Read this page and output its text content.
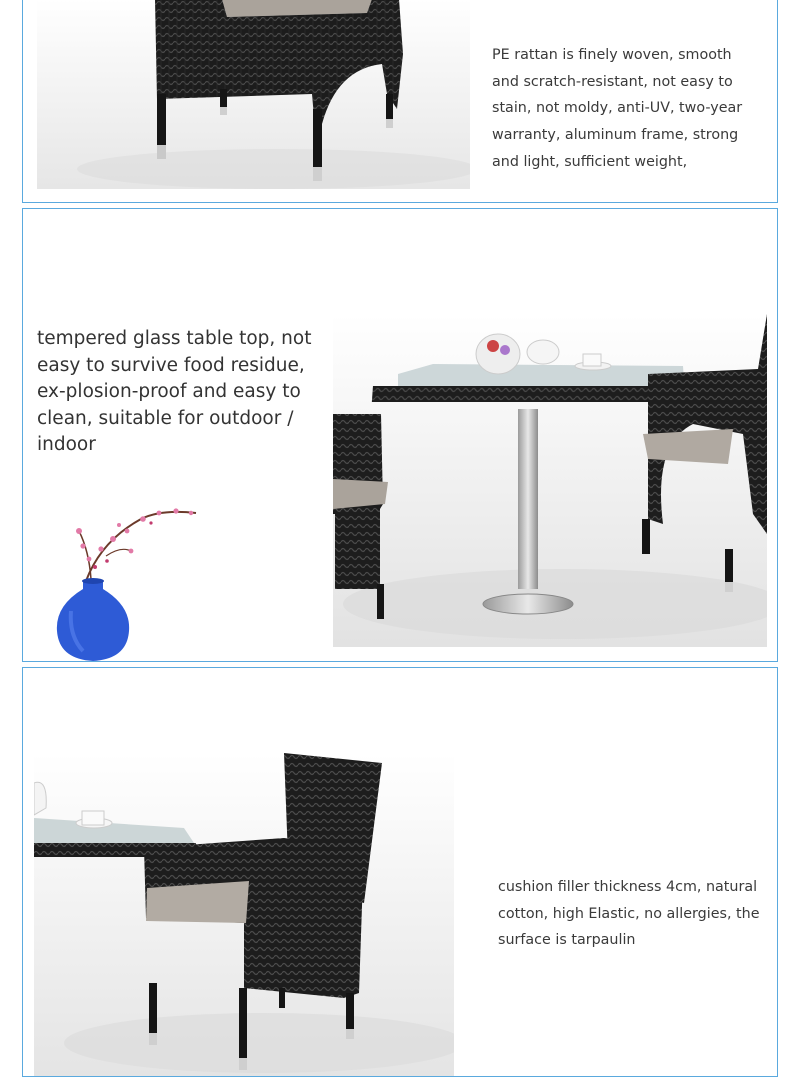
PE rattan is finely woven, smooth and scratch-resistant, not easy to stain, not moldy, anti-UV, two-year warranty, aluminum frame, strong and light, sufficient weight,

tempered glass table top, not easy to survive food residue, ex-plosion-proof and easy to clean, suitable for outdoor / indoor

cushion filler thickness 4cm, natural cotton, high Elastic, no allergies, the surface is tarpaulin
